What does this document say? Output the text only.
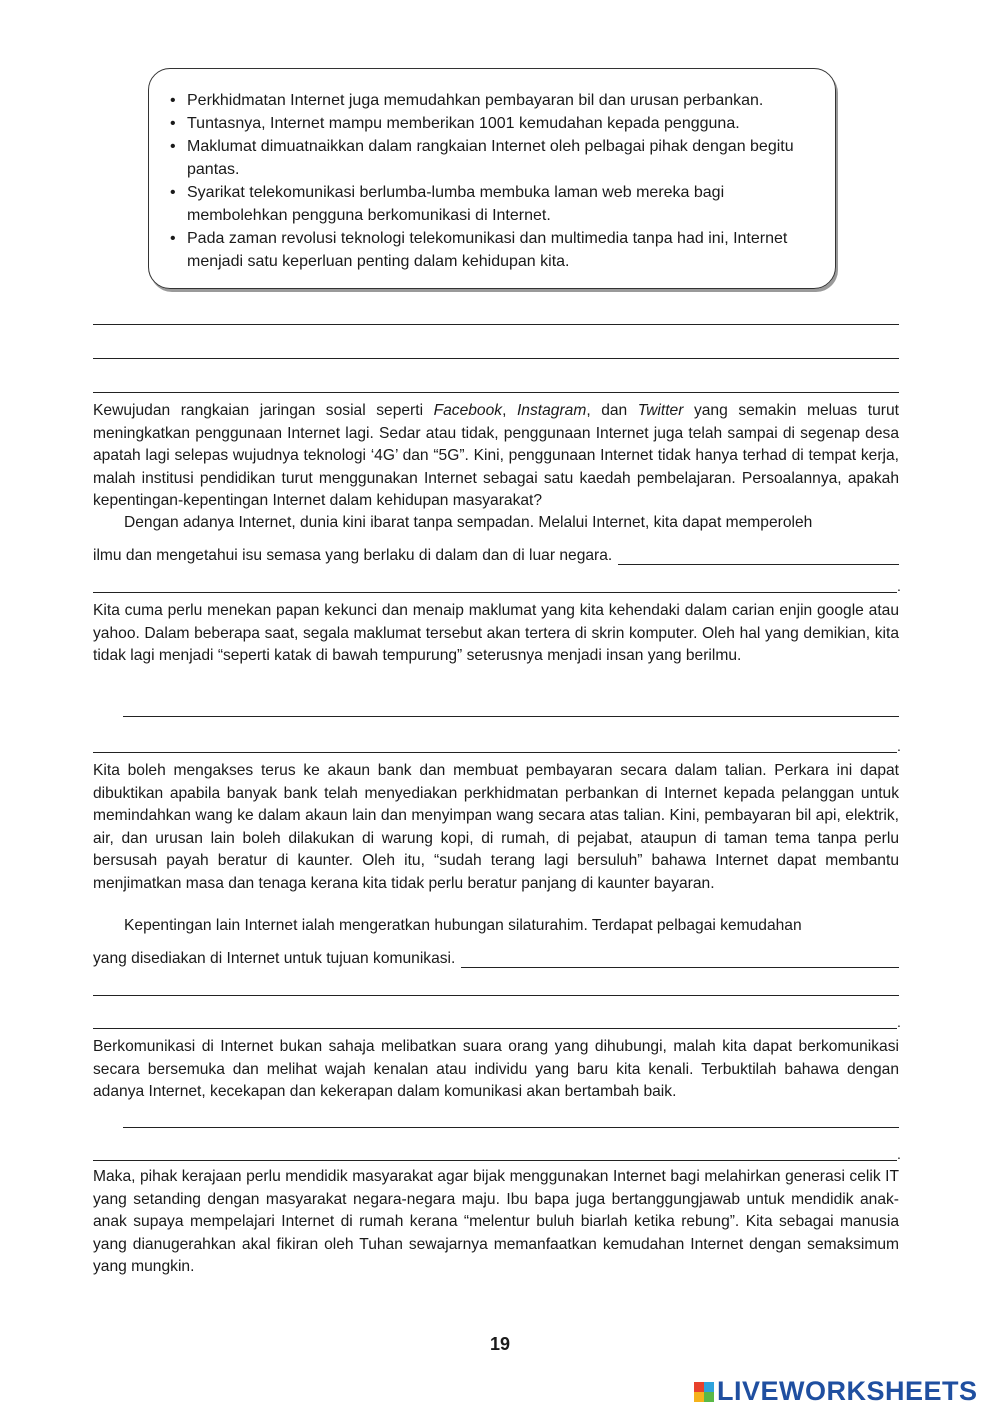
• Perkhidmatan Internet juga memudahkan pembayaran bil dan urusan perbankan.
• Tuntasnya, Internet mampu memberikan 1001 kemudahan kepada pengguna.
• Maklumat dimuatnaikkan dalam rangkaian Internet oleh pelbagai pihak dengan begitu pantas.
• Syarikat telekomunikasi berlumba-lumba membuka laman web mereka bagi membolehkan pengguna berkomunikasi di Internet.
• Pada zaman revolusi teknologi telekomunikasi dan multimedia tanpa had ini, Internet menjadi satu keperluan penting dalam kehidupan kita.

Kewujudan rangkaian jaringan sosial seperti Facebook, Instagram, dan Twitter yang semakin meluas turut meningkatkan penggunaan Internet lagi. Sedar atau tidak, penggunaan Internet juga telah sampai di segenap desa apatah lagi selepas wujudnya teknologi ‘4G’ dan “5G”. Kini, penggunaan Internet tidak hanya terhad di tempat kerja, malah institusi pendidikan turut menggunakan Internet sebagai satu kaedah pembelajaran. Persoalannya, apakah kepentingan-kepentingan Internet dalam kehidupan masyarakat?

Dengan adanya Internet, dunia kini ibarat tanpa sempadan. Melalui Internet, kita dapat memperoleh

ilmu dan mengetahui isu semasa yang berlaku di dalam dan di luar negara.
.

Kita cuma perlu menekan papan kekunci dan menaip maklumat yang kita kehendaki dalam carian enjin google atau yahoo. Dalam beberapa saat, segala maklumat tersebut akan tertera di skrin komputer. Oleh hal yang demikian, kita tidak lagi menjadi “seperti katak di bawah tempurung” seterusnya menjadi insan yang berilmu.

.

Kita boleh mengakses terus ke akaun bank dan membuat pembayaran secara dalam talian. Perkara ini dapat dibuktikan apabila banyak bank telah menyediakan perkhidmatan perbankan di Internet kepada pelanggan untuk memindahkan wang ke dalam akaun lain dan menyimpan wang secara atas talian. Kini, pembayaran bil api, elektrik, air, dan urusan lain boleh dilakukan di warung kopi, di rumah, di pejabat, ataupun di taman tema tanpa perlu bersusah payah beratur di kaunter. Oleh itu, “sudah terang lagi bersuluh” bahawa Internet dapat membantu menjimatkan masa dan tenaga kerana kita tidak perlu beratur panjang di kaunter bayaran.

Kepentingan lain Internet ialah mengeratkan hubungan silaturahim. Terdapat pelbagai kemudahan

yang disediakan di Internet untuk tujuan komunikasi.
.

Berkomunikasi di Internet bukan sahaja melibatkan suara orang yang dihubungi, malah kita dapat berkomunikasi secara bersemuka dan melihat wajah kenalan atau individu yang baru kita kenali. Terbuktilah bahawa dengan adanya Internet, kecekapan dan kekerapan dalam komunikasi akan bertambah baik.

.

Maka, pihak kerajaan perlu mendidik masyarakat agar bijak menggunakan Internet bagi melahirkan generasi celik IT yang setanding dengan masyarakat negara-negara maju. Ibu bapa juga bertanggungjawab untuk mendidik anak-anak supaya mempelajari Internet di rumah kerana “melentur buluh biarlah ketika rebung”. Kita sebagai manusia yang dianugerahkan akal fikiran oleh Tuhan sewajarnya memanfaatkan kemudahan Internet dengan semaksimum yang mungkin.

19
LIVEWORKSHEETS
